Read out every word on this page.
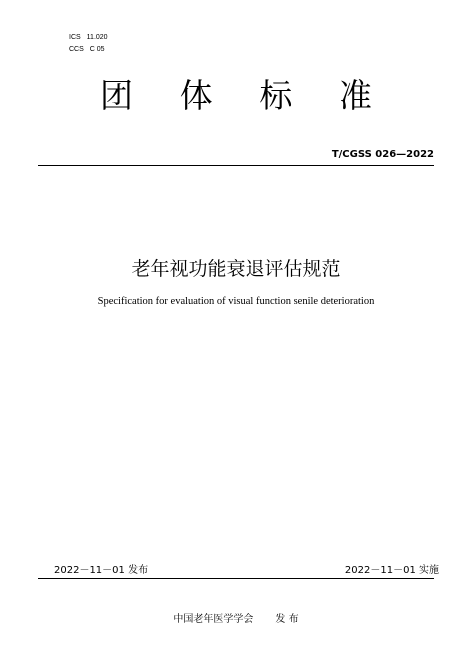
ICS 11.020
CCS C 05
团 体 标 准
T/CGSS 026—2022
老年视功能衰退评估规范
Specification for evaluation of visual function senile deterioration
2022－11－01 发布	2022－11－01 实施
中国老年医学学会 发 布
